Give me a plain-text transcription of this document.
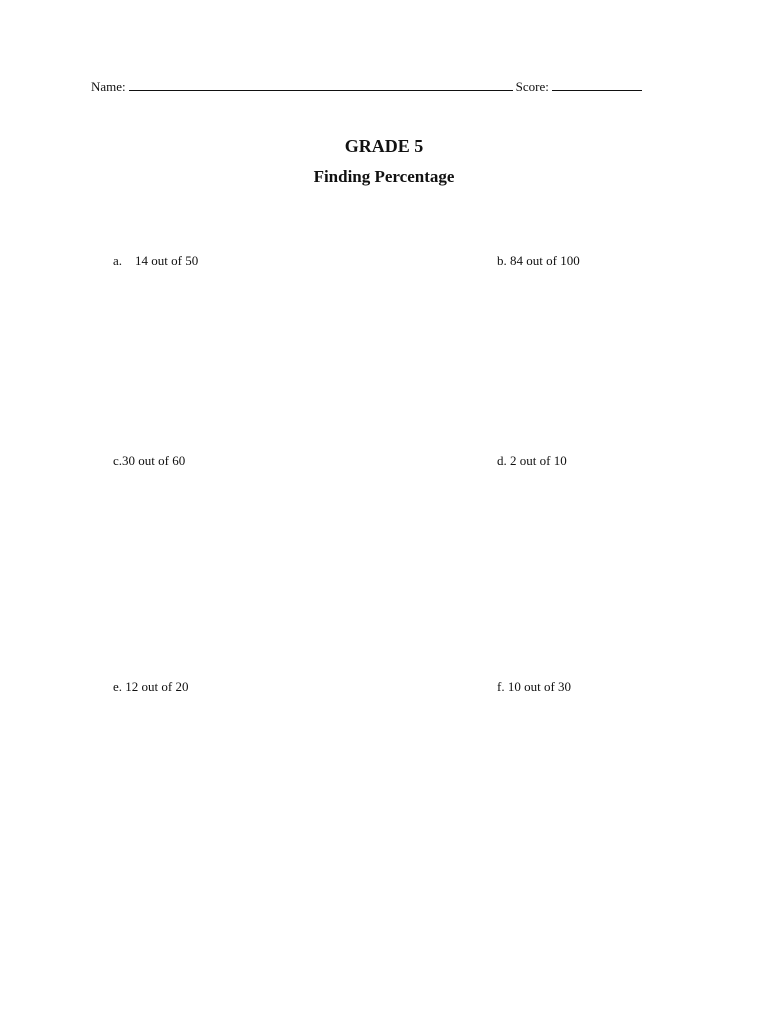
Name:	Score:
GRADE 5
Finding Percentage
a. 14 out of 50	b. 84 out of 100
c.30 out of 60	d. 2 out of 10
e. 12 out of 20	f. 10 out of 30
